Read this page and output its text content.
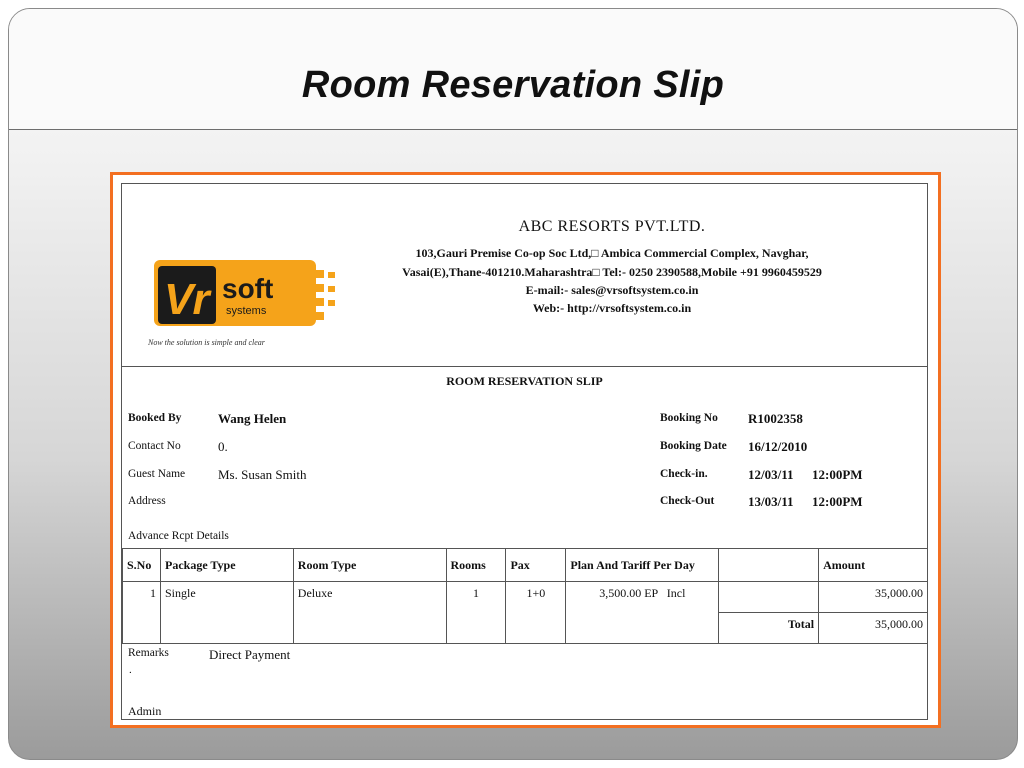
Room Reservation Slip
Vr soft
systems
Now the solution is simple and clear
ABC RESORTS PVT.LTD.
103,Gauri Premise Co-op Soc Ltd,□ Ambica Commercial Complex, Navghar,
Vasai(E),Thane-401210.Maharashtra□ Tel:- 0250 2390588,Mobile +91 9960459529
E-mail:- sales@vrsoftsystem.co.in
Web:- http://vrsoftsystem.co.in
ROOM RESERVATION SLIP
Booked By	Wang Helen
Contact No	0.
Guest Name	Ms. Susan Smith
Address
Booking No R1002358
Booking Date 16/12/2010
Check-in.	12/03/11 12:00PM
Check-Out	13/03/11 12:00PM
Advance Rcpt Details
S.No	Package Type	Room Type	Rooms	Pax	Plan And Tariff Per Day		Amount
1	Single	Deluxe	1	1+0	3,500.00 EP   Incl		35,000.00
						Total	35,000.00
Remarks	Direct Payment
.
Admin
